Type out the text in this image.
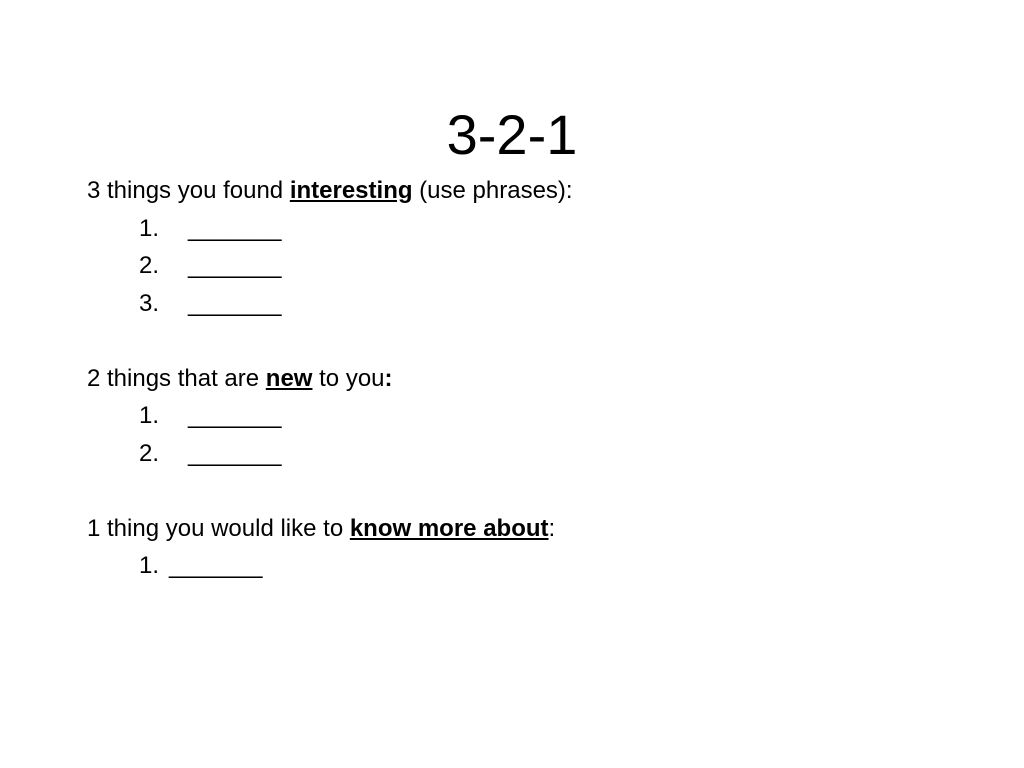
3-2-1
3 things you found interesting (use phrases):
1. _______
2. _______
3. _______
2 things that are new to you:
1. _______
2. _______
1 thing you would like to know more about:
1. _______
